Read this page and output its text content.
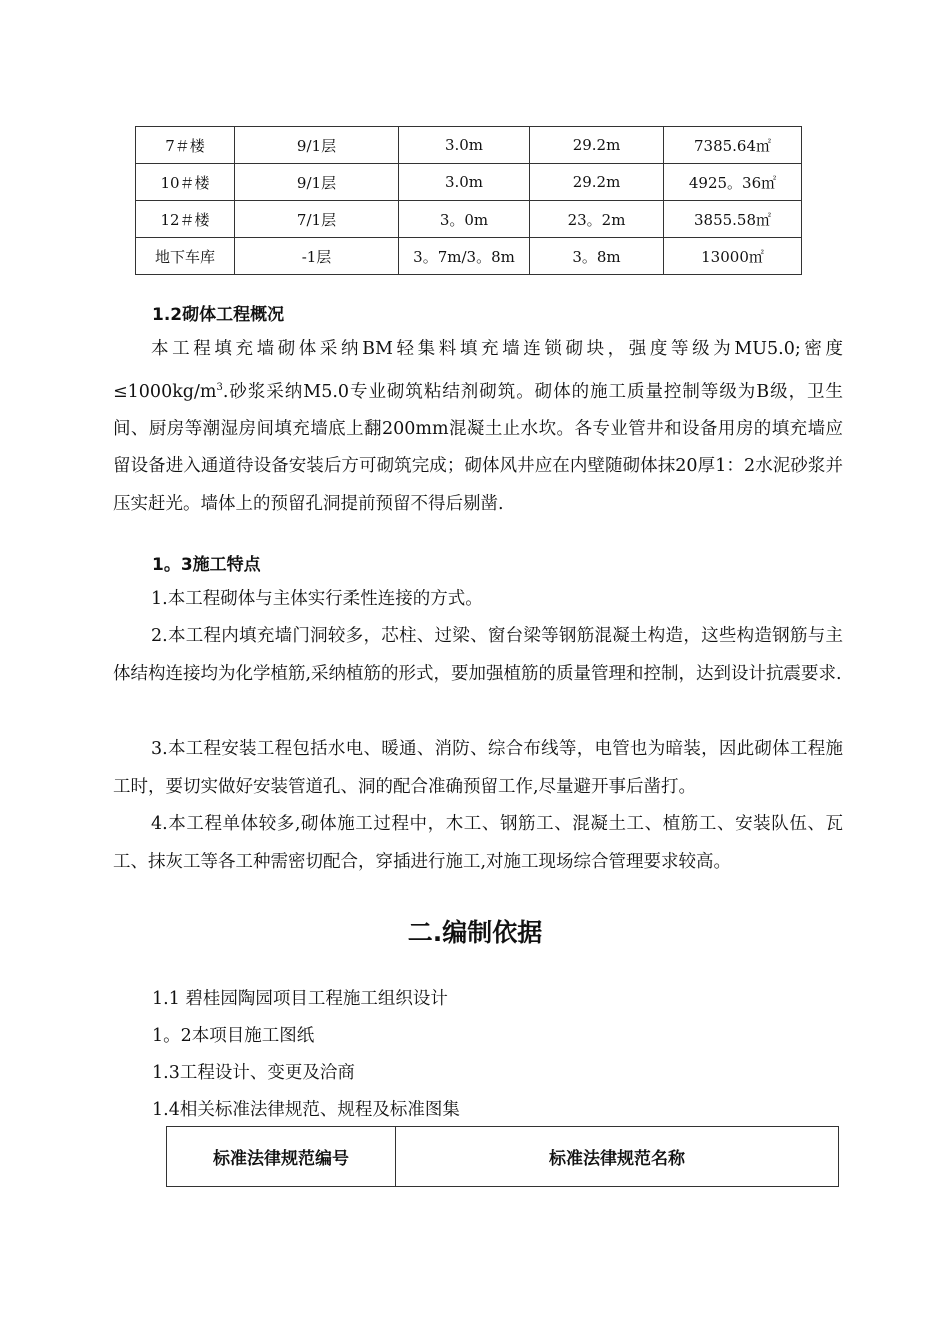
7＃楼	9/1层	3.0m	29.2m	7385.64㎡
10＃楼	9/1层	3.0m	29.2m	4925。36㎡
12＃楼	7/1层	3。0m	23。2m	3855.58㎡
地下车库	-1层	3。7m/3。8m	3。8m	13000㎡
1.2砌体工程概况

本工程填充墙砌体采纳BM轻集料填充墙连锁砌块，强度等级为MU5.0;密度$\le 1000kg/m^3$.砂浆采纳M5.0专业砌筑粘结剂砌筑。砌体的施工质量控制等级为B级，卫生间、厨房等潮湿房间填充墙底上翻200mm混凝土止水坎。各专业管井和设备用房的填充墙应留设备进入通道待设备安装后方可砌筑完成；砌体风井应在内壁随砌体抹20厚1：2水泥砂浆并压实赶光。墙体上的预留孔洞提前预留不得后剔凿.

1。3施工特点

1.本工程砌体与主体实行柔性连接的方式。

2.本工程内填充墙门洞较多，芯柱、过梁、窗台梁等钢筋混凝土构造，这些构造钢筋与主体结构连接均为化学植筋,采纳植筋的形式，要加强植筋的质量管理和控制，达到设计抗震要求.

3.本工程安装工程包括水电、暖通、消防、综合布线等，电管也为暗装，因此砌体工程施工时，要切实做好安装管道孔、洞的配合准确预留工作,尽量避开事后凿打。

4.本工程单体较多,砌体施工过程中，木工、钢筋工、混凝土工、植筋工、安装队伍、瓦工、抹灰工等各工种需密切配合，穿插进行施工,对施工现场综合管理要求较高。

二.编制依据
1.1 碧桂园陶园项目工程施工组织设计
1。2本项目施工图纸
1.3工程设计、变更及洽商
1.4相关标准法律规范、规程及标准图集
标准法律规范编号	标准法律规范名称
